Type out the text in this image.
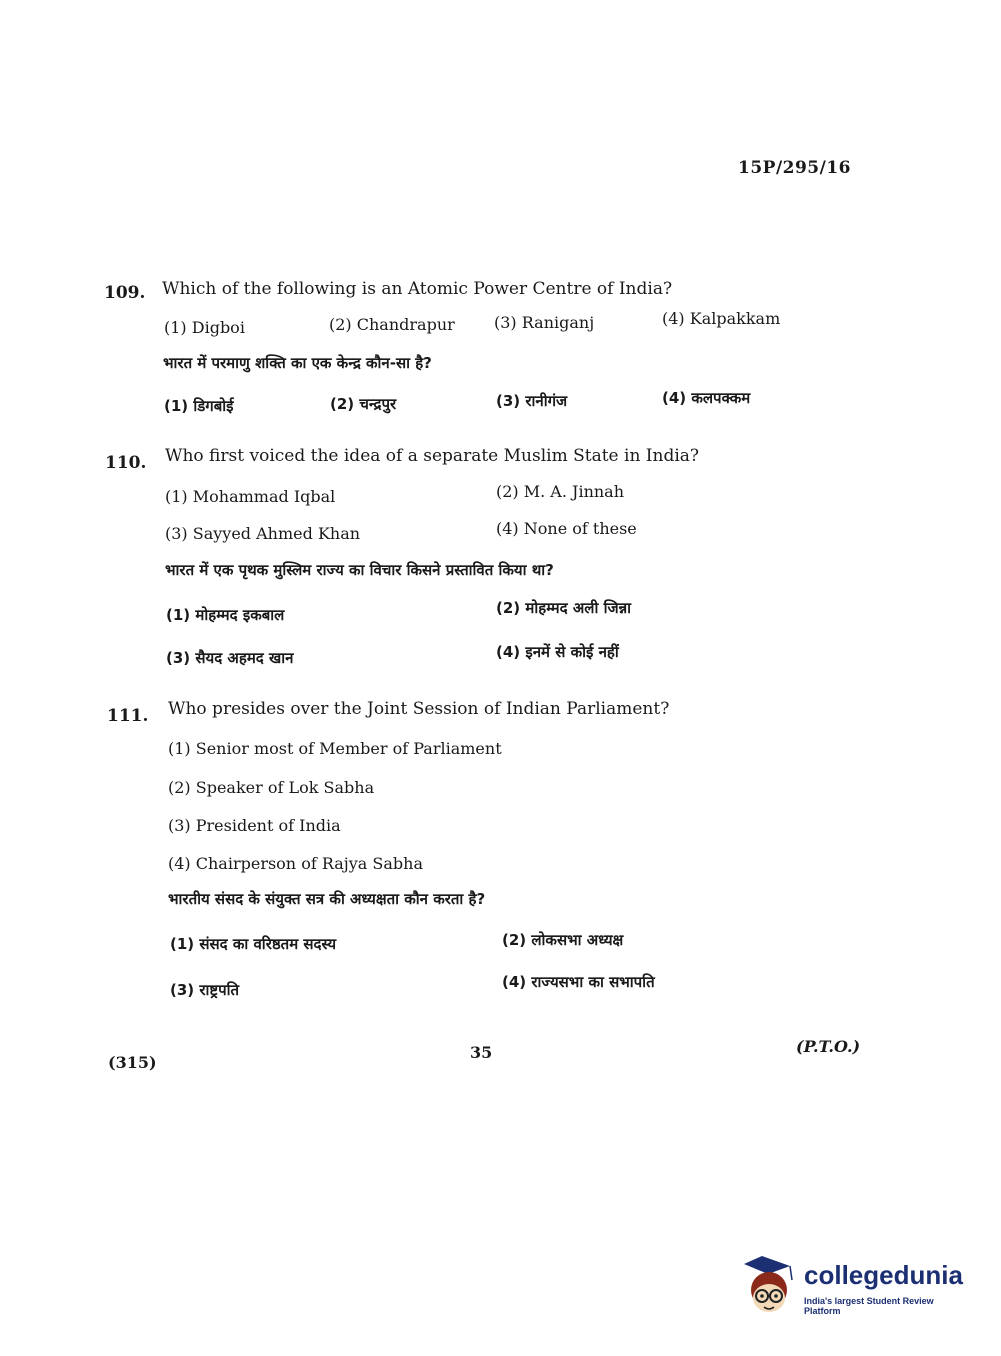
15P/295/16
109. Which of the following is an Atomic Power Centre of India?
(1) Digboi	(2) Chandrapur (3) Raniganj	(4) Kalpakkam
भारत में परमाणु शक्ति का एक केन्द्र कौन-सा है?
(1) डिगबोई	(2) चन्द्रपुर	(3) रानीगंज	(4) कलपक्कम
110. Who first voiced the idea of a separate Muslim State in India?
(1) Mohammad Iqbal	(2) M. A. Jinnah
(3) Sayyed Ahmed Khan	(4) None of these
भारत में एक पृथक मुस्लिम राज्य का विचार किसने प्रस्तावित किया था?
(1) मोहम्मद इकबाल	(2) मोहम्मद अली जिन्ना
(3) सैयद अहमद खान	(4) इनमें से कोई नहीं
111. Who presides over the Joint Session of Indian Parliament?
(1) Senior most of Member of Parliament
(2) Speaker of Lok Sabha
(3) President of India
(4) Chairperson of Rajya Sabha
भारतीय संसद के संयुक्त सत्र की अध्यक्षता कौन करता है?
(1) संसद का वरिष्ठतम सदस्य	(2) लोकसभा अध्यक्ष
(3) राष्ट्रपति	(4) राज्यसभा का सभापति
(315)
35	(P.T.O.)
collegedunia
India's largest Student Review Platform
